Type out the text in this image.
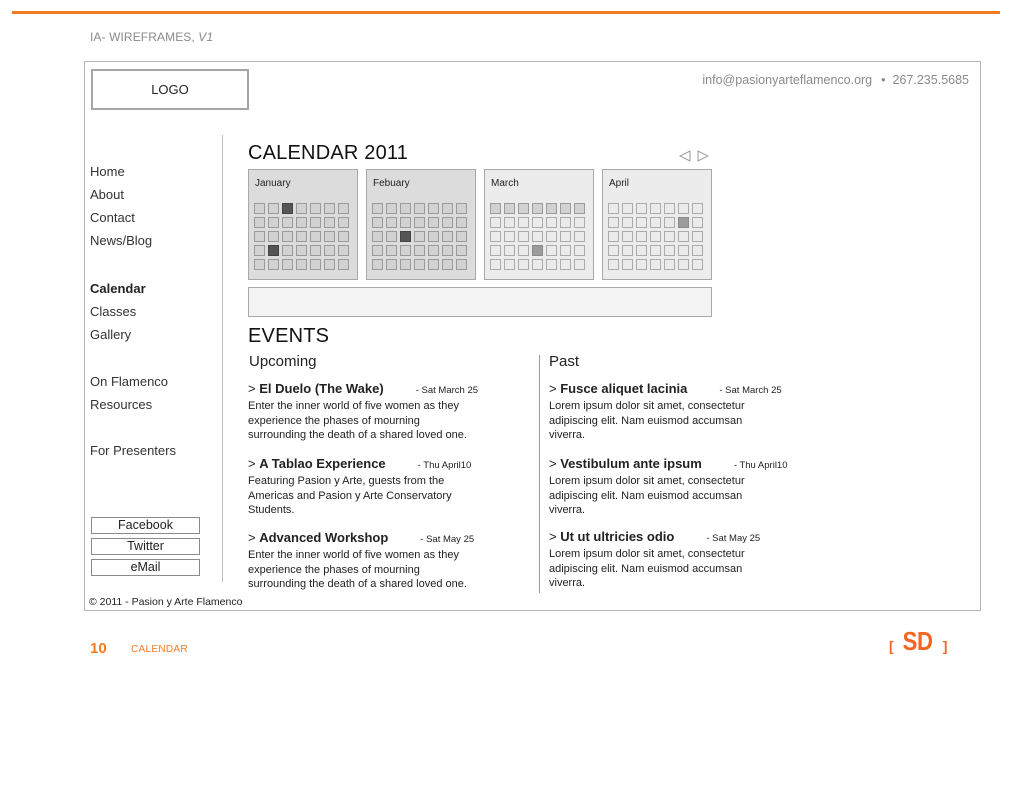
IA- WIREFRAMES, V1
LOGO
info@pasionyarteflamenco.org • 267.235.5685
Home
About
Contact
News/Blog
Calendar
Classes
Gallery
On Flamenco
Resources
For Presenters
Facebook
Twitter
eMail
© 2011 - Pasion y Arte Flamenco
CALENDAR 2011
January	Febuary	March	April
EVENTS
Upcoming	Past
> El Duelo (The Wake)	- Sat March 25
Enter the inner world of five women as they
experience the phases of mourning
surrounding the death of a shared loved one.
> A Tablao Experience	- Thu April10
Featuring Pasion y Arte, guests from the
Americas and Pasion y Arte Conservatory
Students.
> Advanced Workshop	- Sat May 25
Enter the inner world of five women as they
experience the phases of mourning
surrounding the death of a shared loved one.
> Fusce aliquet lacinia	- Sat March 25
Lorem ipsum dolor sit amet, consectetur
adipiscing elit. Nam euismod accumsan
viverra.
> Vestibulum ante ipsum	- Thu April10
Lorem ipsum dolor sit amet, consectetur
adipiscing elit. Nam euismod accumsan
viverra.
> Ut ut ultricies odio	- Sat May 25
Lorem ipsum dolor sit amet, consectetur
adipiscing elit. Nam euismod accumsan
viverra.
10 CALENDAR	[ SD ]
